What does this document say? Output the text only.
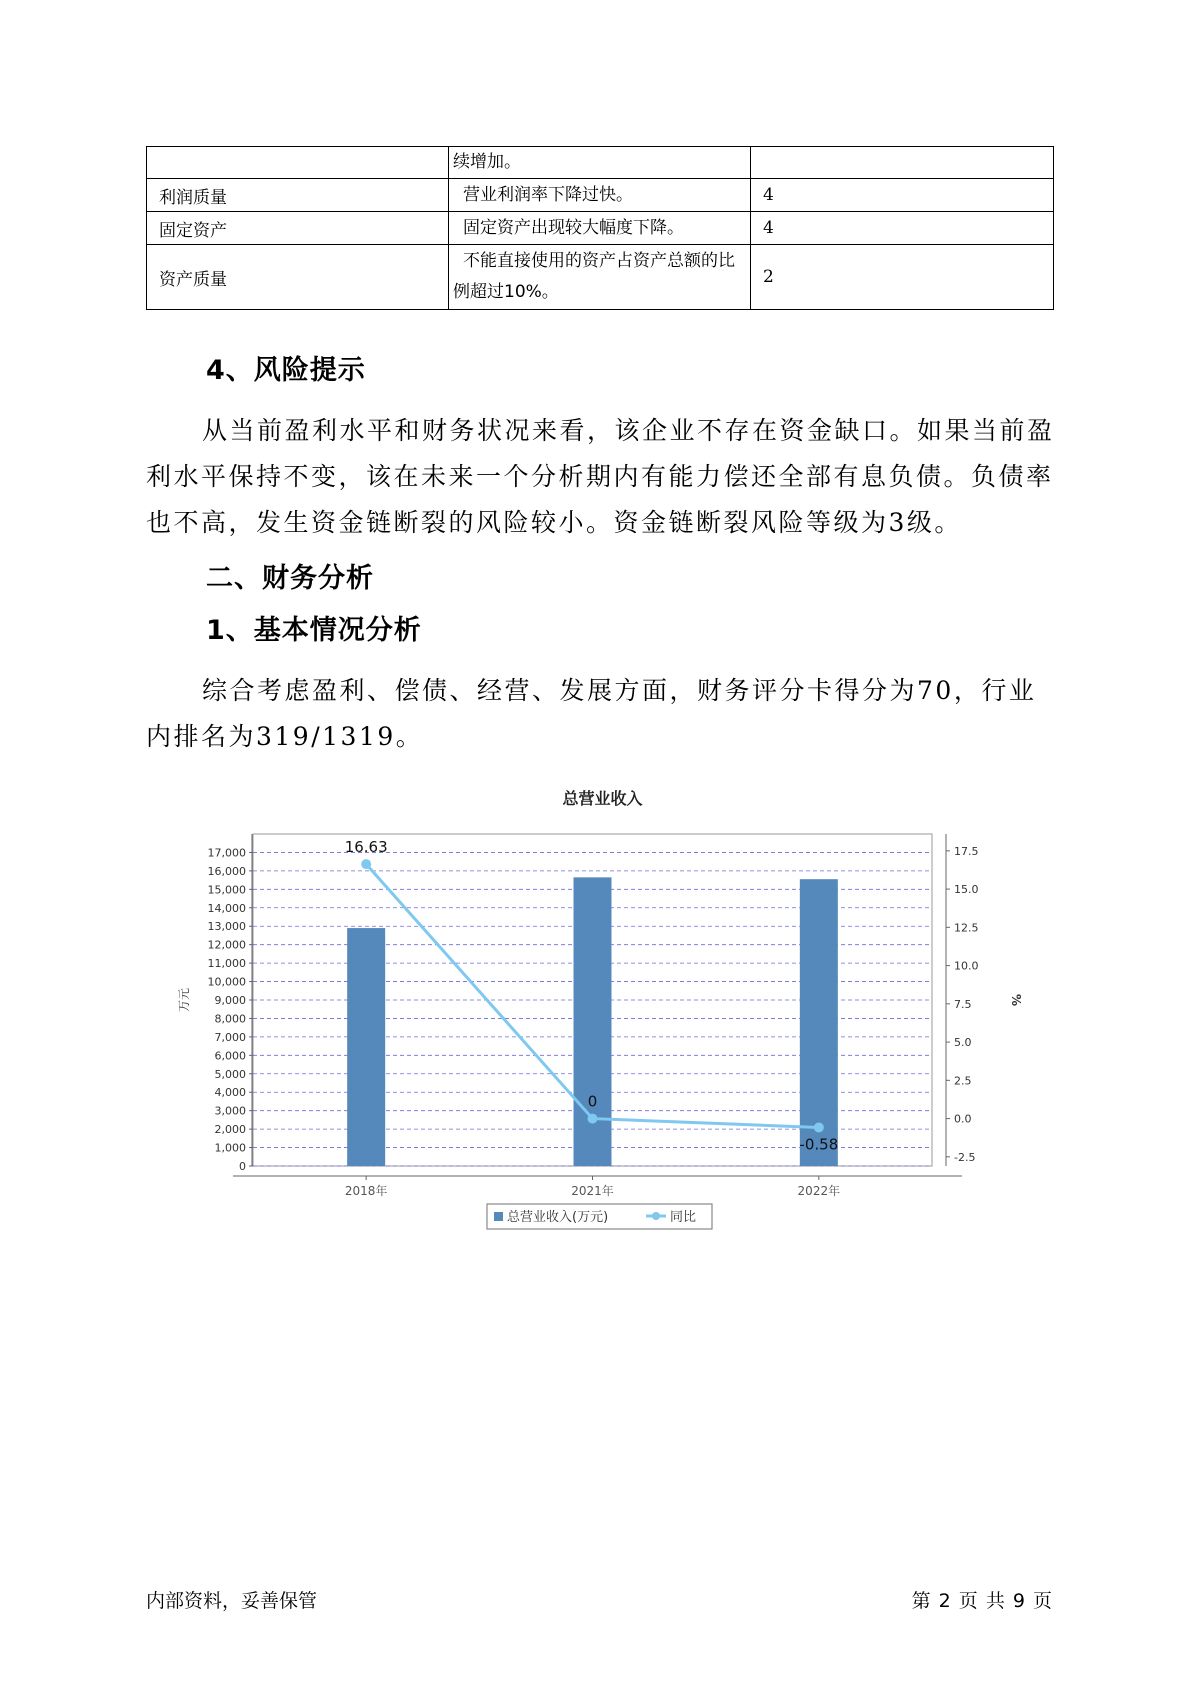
	续增加。	
利润质量	营业利润率下降过快。	4
固定资产	固定资产出现较大幅度下降。	4
资产质量	不能直接使用的资产占资产总额的比例超过10%。	2
4、风险提示
从当前盈利水平和财务状况来看，该企业不存在资金缺口。如果当前盈利水平保持不变，该在未来一个分析期内有能力偿还全部有息负债。负债率也不高，发生资金链断裂的风险较小。资金链断裂风险等级为3级。
二、财务分析
1、基本情况分析
综合考虑盈利、偿债、经营、发展方面，财务评分卡得分为70，行业内排名为319/1319。
总营业收入
0
1,000
2,000
3,000
4,000
5,000
6,000
7,000
8,000
9,000
10,000
11,000
12,000
13,000
14,000
15,000
16,000
17,000
-2.5
0.0
2.5
5.0
7.5
10.0
12.5
15.0
17.5
万元	%
2018年	2021年	2022年
16.63
0
-0.58
总营业收入(万元)	同比
内部资料，妥善保管	第 2 页 共 9 页
